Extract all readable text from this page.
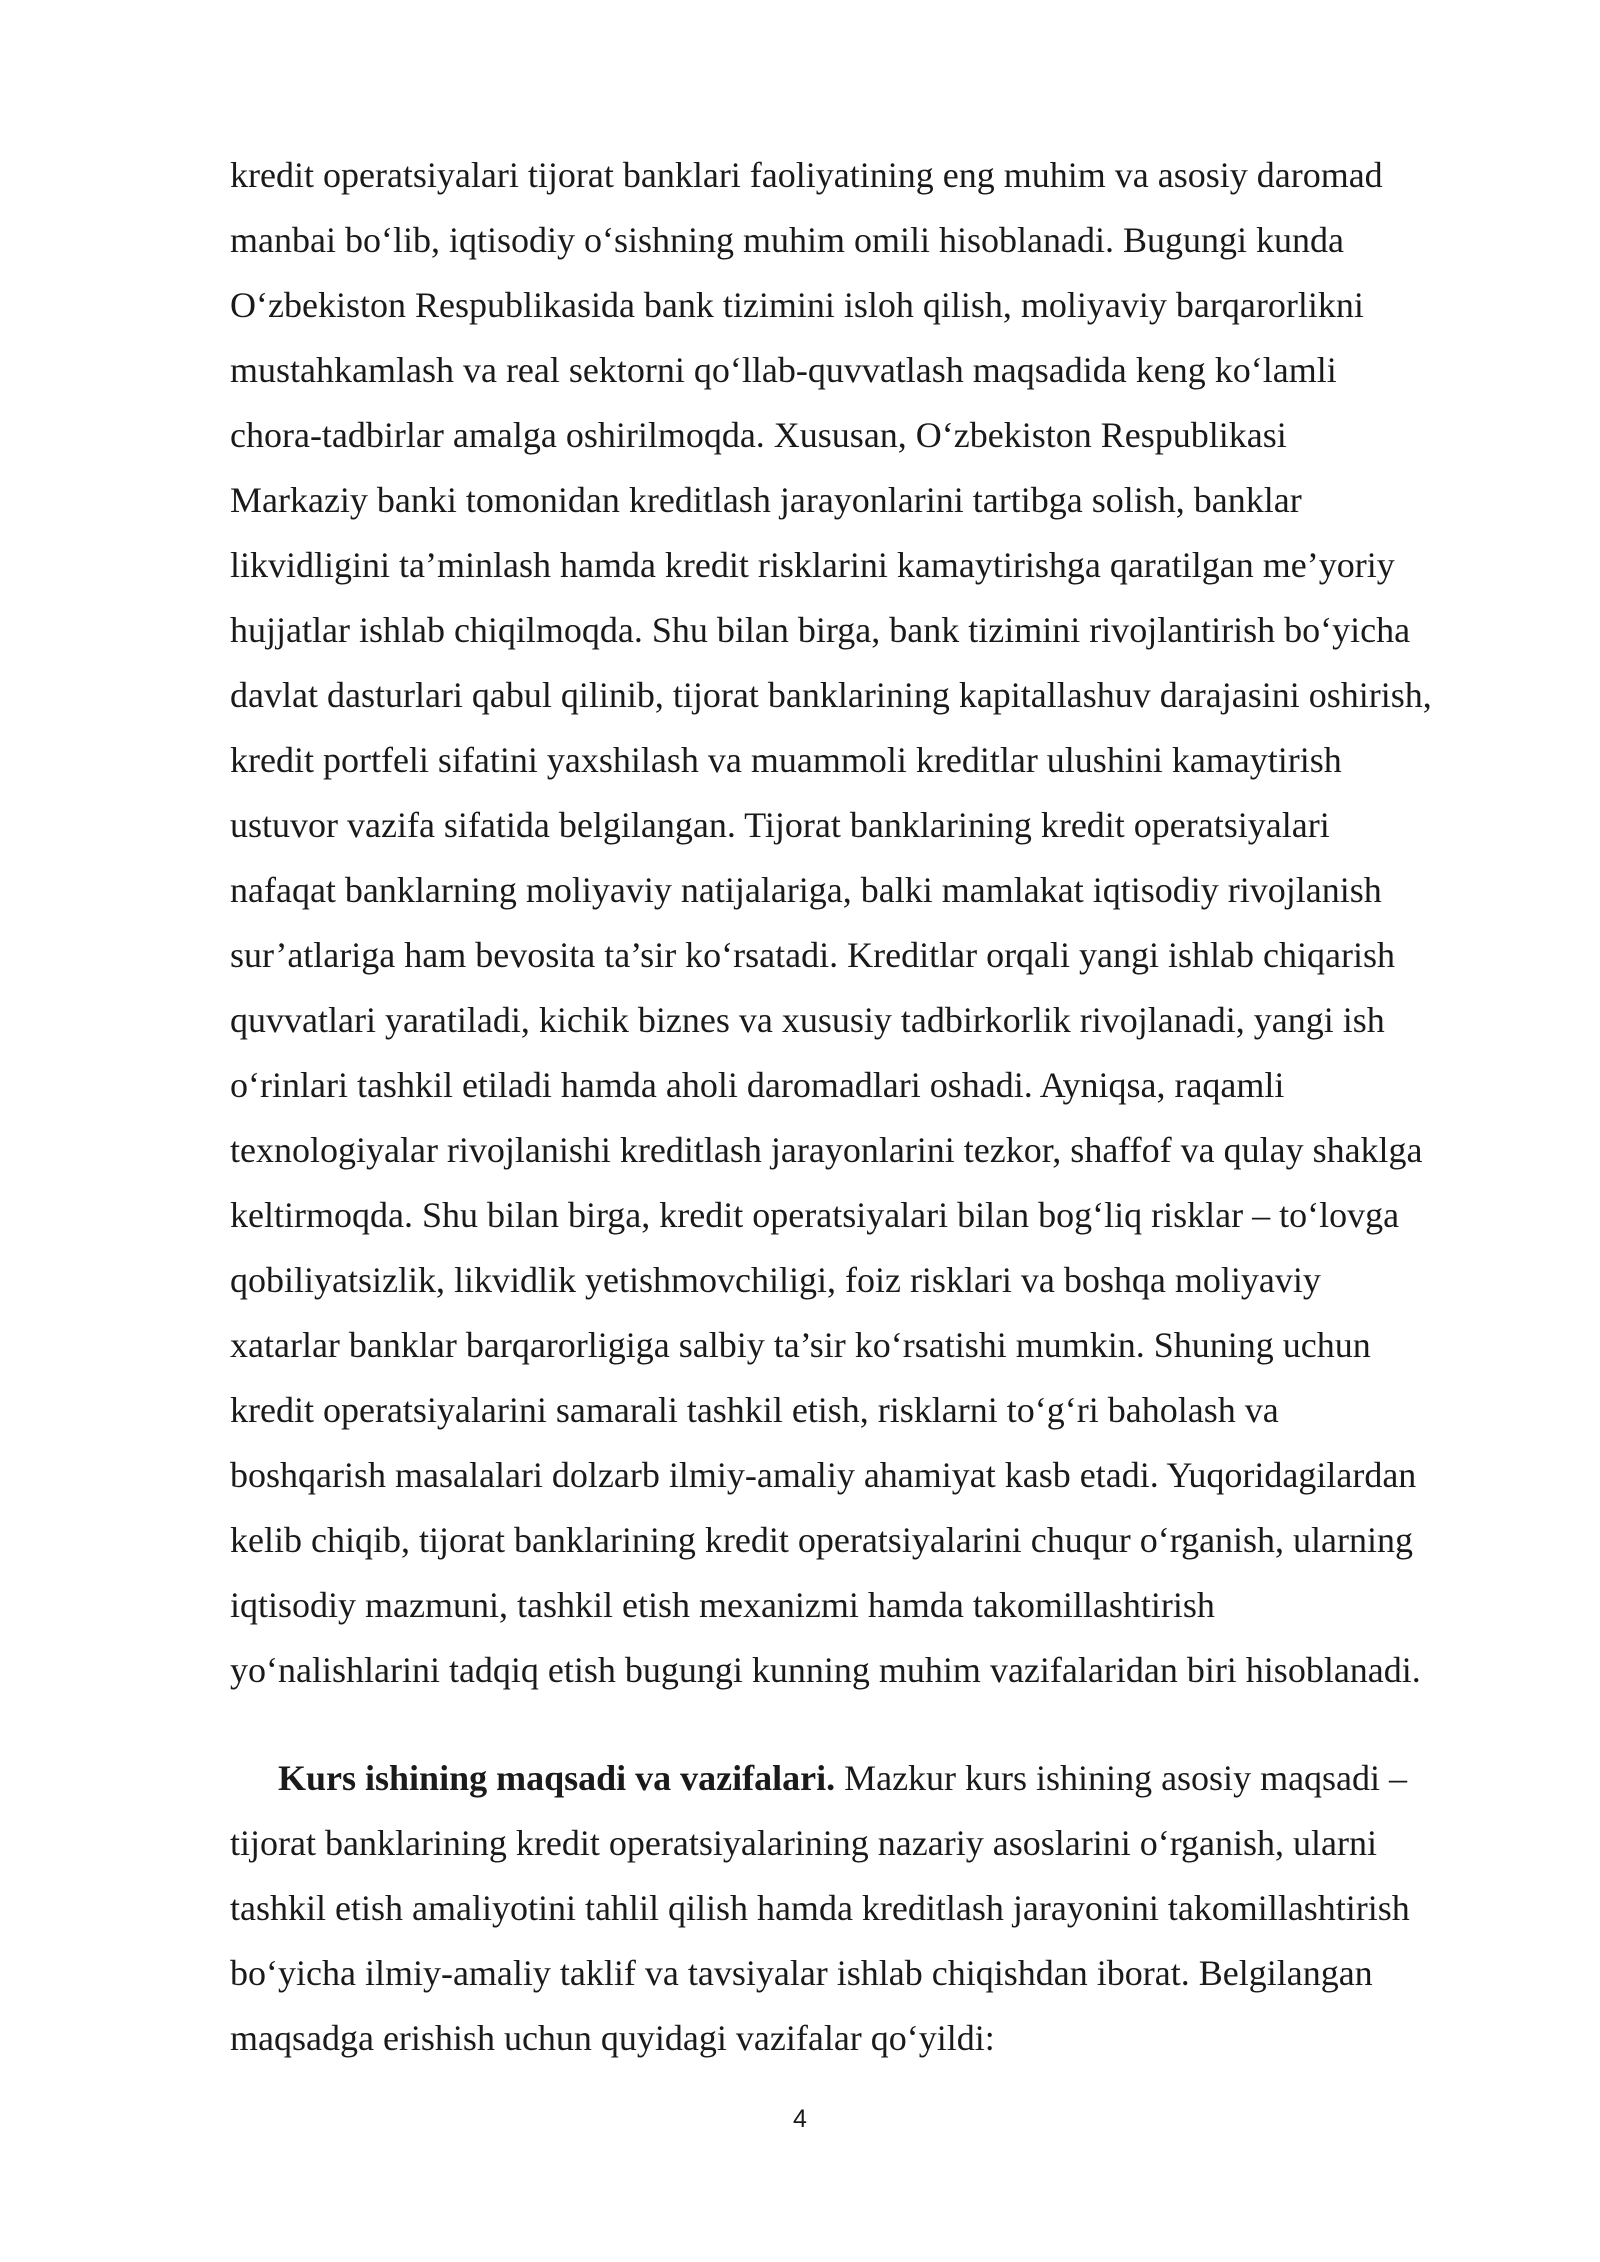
kredit operatsiyalari tijorat banklari faoliyatining eng muhim va asosiy daromad
manbai bo‘lib, iqtisodiy o‘sishning muhim omili hisoblanadi. Bugungi kunda
O‘zbekiston Respublikasida bank tizimini isloh qilish, moliyaviy barqarorlikni
mustahkamlash va real sektorni qo‘llab-quvvatlash maqsadida keng ko‘lamli
chora-tadbirlar amalga oshirilmoqda. Xususan, O‘zbekiston Respublikasi
Markaziy banki tomonidan kreditlash jarayonlarini tartibga solish, banklar
likvidligini ta’minlash hamda kredit risklarini kamaytirishga qaratilgan me’yoriy
hujjatlar ishlab chiqilmoqda. Shu bilan birga, bank tizimini rivojlantirish bo‘yicha
davlat dasturlari qabul qilinib, tijorat banklarining kapitallashuv darajasini oshirish,
kredit portfeli sifatini yaxshilash va muammoli kreditlar ulushini kamaytirish
ustuvor vazifa sifatida belgilangan. Tijorat banklarining kredit operatsiyalari
nafaqat banklarning moliyaviy natijalariga, balki mamlakat iqtisodiy rivojlanish
sur’atlariga ham bevosita ta’sir ko‘rsatadi. Kreditlar orqali yangi ishlab chiqarish
quvvatlari yaratiladi, kichik biznes va xususiy tadbirkorlik rivojlanadi, yangi ish
o‘rinlari tashkil etiladi hamda aholi daromadlari oshadi. Ayniqsa, raqamli
texnologiyalar rivojlanishi kreditlash jarayonlarini tezkor, shaffof va qulay shaklga
keltirmoqda. Shu bilan birga, kredit operatsiyalari bilan bog‘liq risklar – to‘lovga
qobiliyatsizlik, likvidlik yetishmovchiligi, foiz risklari va boshqa moliyaviy
xatarlar banklar barqarorligiga salbiy ta’sir ko‘rsatishi mumkin. Shuning uchun
kredit operatsiyalarini samarali tashkil etish, risklarni to‘g‘ri baholash va
boshqarish masalalari dolzarb ilmiy-amaliy ahamiyat kasb etadi. Yuqoridagilardan
kelib chiqib, tijorat banklarining kredit operatsiyalarini chuqur o‘rganish, ularning
iqtisodiy mazmuni, tashkil etish mexanizmi hamda takomillashtirish
yo‘nalishlarini tadqiq etish bugungi kunning muhim vazifalaridan biri hisoblanadi.
Kurs ishining maqsadi va vazifalari. Mazkur kurs ishining asosiy maqsadi –
tijorat banklarining kredit operatsiyalarining nazariy asoslarini o‘rganish, ularni
tashkil etish amaliyotini tahlil qilish hamda kreditlash jarayonini takomillashtirish
bo‘yicha ilmiy-amaliy taklif va tavsiyalar ishlab chiqishdan iborat. Belgilangan
maqsadga erishish uchun quyidagi vazifalar qo‘yildi:
4
